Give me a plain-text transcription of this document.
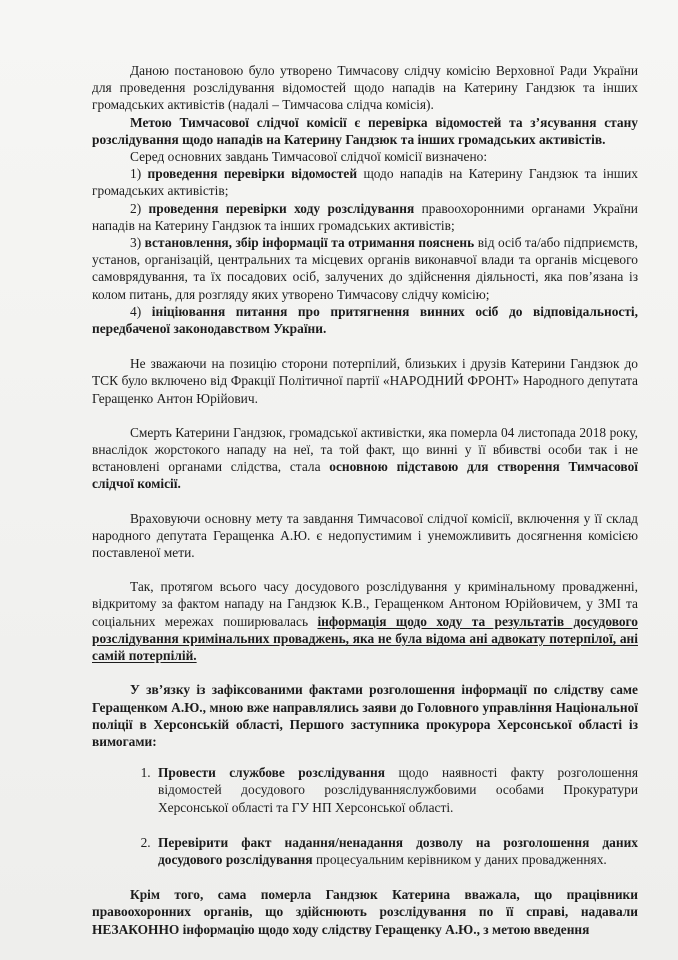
Даною постановою було утворено Тимчасову слідчу комісію Верховної Ради України для проведення розслідування відомостей щодо нападів на Катерину Гандзюк та інших громадських активістів (надалі – Тимчасова слідча комісія).

Метою Тимчасової слідчої комісії є перевірка відомостей та з’ясування стану розслідування щодо нападів на Катерину Гандзюк та інших громадських активістів.

Серед основних завдань Тимчасової слідчої комісії визначено:

1) проведення перевірки відомостей щодо нападів на Катерину Гандзюк та інших громадських активістів;

2) проведення перевірки ходу розслідування правоохоронними органами України нападів на Катерину Гандзюк та інших громадських активістів;

3) встановлення, збір інформації та отримання пояснень від осіб та/або підприємств, установ, організацій, центральних та місцевих органів виконавчої влади та органів місцевого самоврядування, та їх посадових осіб, залучених до здійснення діяльності, яка пов’язана із колом питань, для розгляду яких утворено Тимчасову слідчу комісію;

4) ініціювання питання про притягнення винних осіб до відповідальності, передбаченої законодавством України.

Не зважаючи на позицію сторони потерпілий, близьких і друзів Катерини Гандзюк до ТСК було включено від Фракції Політичної партії «НАРОДНИЙ ФРОНТ» Народного депутата Геращенко Антон Юрійович.

Смерть Катерини Гандзюк, громадської активістки, яка померла 04 листопада 2018 року, внаслідок жорстокого нападу на неї, та той факт, що винні у її вбивстві особи так і не встановлені органами слідства, стала основною підставою для створення Тимчасової слідчої комісії.

Враховуючи основну мету та завдання Тимчасової слідчої комісії, включення у її склад народного депутата Геращенка А.Ю. є недопустимим і унеможливить досягнення комісією поставленої мети.

Так, протягом всього часу досудового розслідування у кримінальному провадженні, відкритому за фактом нападу на Гандзюк К.В., Геращенком Антоном Юрійовичем, у ЗМІ та соціальних мережах поширювалась інформація щодо ходу та результатів досудового розслідування кримінальних проваджень, яка не була відома ані адвокату потерпілої, ані самій потерпілій.

У зв’язку із зафіксованими фактами розголошення інформації по слідству саме Геращенком А.Ю., мною вже направлялись заяви до Головного управління Національної поліції в Херсонській області, Першого заступника прокурора Херсонської області із вимогами:

1. Провести службове розслідування щодо наявності факту розголошення відомостей досудового розслідуванняслужбовими особами Прокуратури Херсонської області та ГУ НП Херсонської області.
2. Перевірити факт надання/ненадання дозволу на розголошення даних досудового розслідування процесуальним керівником у даних провадженнях.

Крім того, сама померла Гандзюк Катерина вважала, що працівники правоохоронних органів, що здійснюють розслідування по її справі, надавали НЕЗАКОННО інформацію щодо ходу слідству Геращенку А.Ю., з метою введення
